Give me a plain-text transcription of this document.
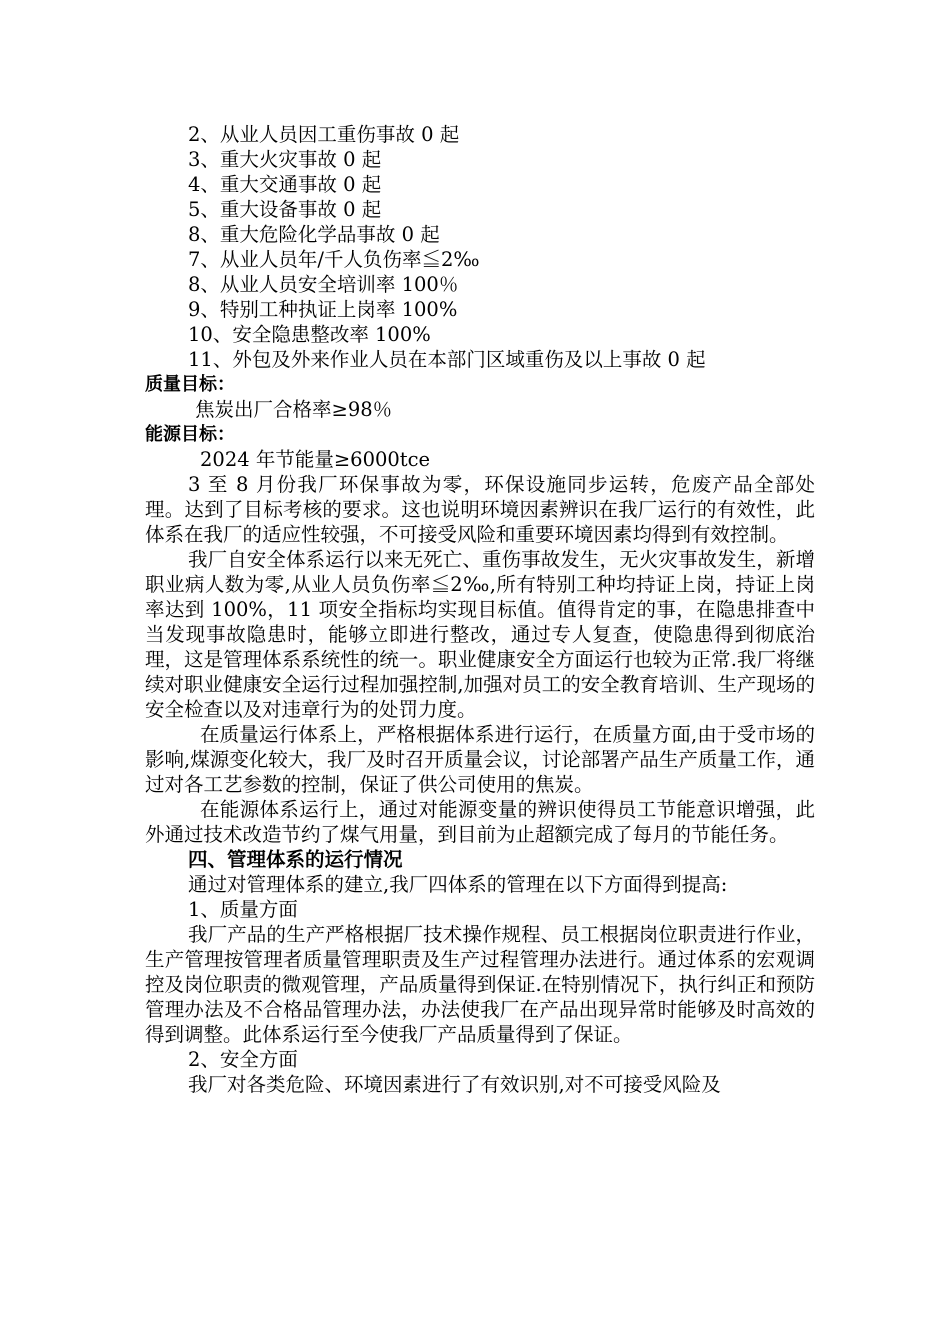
2、从业人员因工重伤事故 0 起

3、重大火灾事故 0 起

4、重大交通事故 0 起

5、重大设备事故 0 起

8、重大危险化学品事故 0 起

7、从业人员年/千人负伤率≦2‰

8、从业人员安全培训率 100％

9、特别工种执证上岗率 100%

10、安全隐患整改率 100%

11、外包及外来作业人员在本部门区域重伤及以上事故 0 起

质量目标：

焦炭出厂合格率≥98％

能源目标：

2024 年节能量≥6000tce

3 至 8 月份我厂环保事故为零，环保设施同步运转，危废产品全部处理。达到了目标考核的要求。这也说明环境因素辨识在我厂运行的有效性，此体系在我厂的适应性较强，不可接受风险和重要环境因素均得到有效控制。

我厂自安全体系运行以来无死亡、重伤事故发生，无火灾事故发生，新增职业病人数为零,从业人员负伤率≦2‰,所有特别工种均持证上岗，持证上岗率达到 100%，11 项安全指标均实现目标值。值得肯定的事，在隐患排查中当发现事故隐患时，能够立即进行整改，通过专人复查，使隐患得到彻底治理，这是管理体系系统性的统一。职业健康安全方面运行也较为正常.我厂将继续对职业健康安全运行过程加强控制,加强对员工的安全教育培训、生产现场的安全检查以及对违章行为的处罚力度。

在质量运行体系上，严格根据体系进行运行，在质量方面,由于受市场的影响,煤源变化较大，我厂及时召开质量会议，讨论部署产品生产质量工作，通过对各工艺参数的控制，保证了供公司使用的焦炭。

在能源体系运行上，通过对能源变量的辨识使得员工节能意识增强，此外通过技术改造节约了煤气用量，到目前为止超额完成了每月的节能任务。

四、管理体系的运行情况

通过对管理体系的建立,我厂四体系的管理在以下方面得到提高:

1、质量方面

我厂产品的生产严格根据厂技术操作规程、员工根据岗位职责进行作业，生产管理按管理者质量管理职责及生产过程管理办法进行。通过体系的宏观调控及岗位职责的微观管理，产品质量得到保证.在特别情况下，执行纠正和预防管理办法及不合格品管理办法，办法使我厂在产品出现异常时能够及时高效的得到调整。此体系运行至今使我厂产品质量得到了保证。

2、安全方面

我厂对各类危险、环境因素进行了有效识别,对不可接受风险及
